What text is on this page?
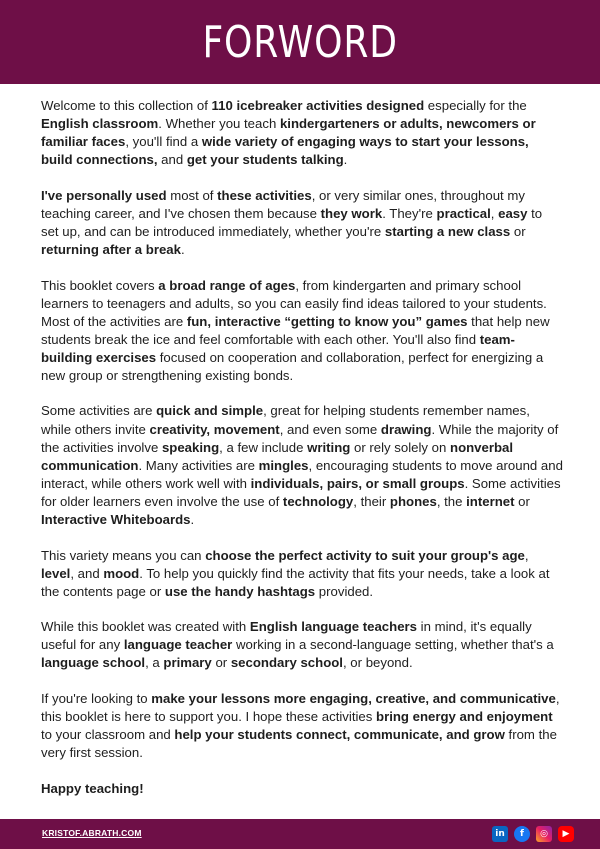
FORWORD

Welcome to this collection of 110 icebreaker activities designed especially for the English classroom. Whether you teach kindergarteners or adults, newcomers or familiar faces, you'll find a wide variety of engaging ways to start your lessons, build connections, and get your students talking.

I've personally used most of these activities, or very similar ones, throughout my teaching career, and I've chosen them because they work. They're practical, easy to set up, and can be introduced immediately, whether you're starting a new class or returning after a break.

This booklet covers a broad range of ages, from kindergarten and primary school learners to teenagers and adults, so you can easily find ideas tailored to your students. Most of the activities are fun, interactive “getting to know you” games that help new students break the ice and feel comfortable with each other. You'll also find team-building exercises focused on cooperation and collaboration, perfect for energizing a new group or strengthening existing bonds.

Some activities are quick and simple, great for helping students remember names, while others invite creativity, movement, and even some drawing. While the majority of the activities involve speaking, a few include writing or rely solely on nonverbal communication. Many activities are mingles, encouraging students to move around and interact, while others work well with individuals, pairs, or small groups. Some activities for older learners even involve the use of technology, their phones, the internet or Interactive Whiteboards.

This variety means you can choose the perfect activity to suit your group's age, level, and mood. To help you quickly find the activity that fits your needs, take a look at the contents page or use the handy hashtags provided.

While this booklet was created with English language teachers in mind, it's equally useful for any language teacher working in a second-language setting, whether that's a language school, a primary or secondary school, or beyond.

If you're looking to make your lessons more engaging, creative, and communicative, this booklet is here to support you. I hope these activities bring energy and enjoyment to your classroom and help your students connect, communicate, and grow from the very first session.

Happy teaching!

KRISTOF.ABRATH.COM	in	f	◎	▶
